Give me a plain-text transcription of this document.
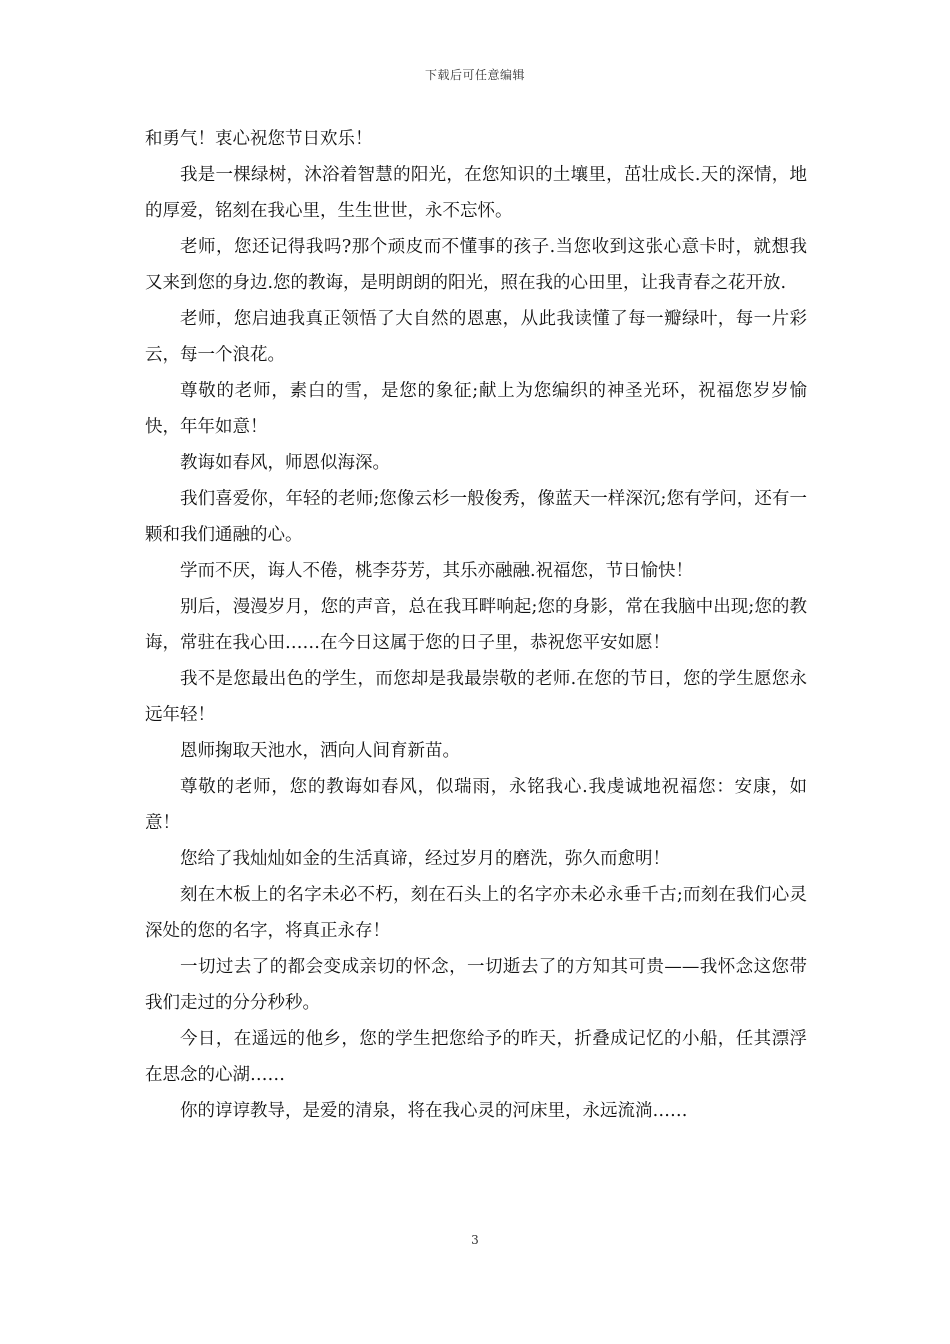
下载后可任意编辑

和勇气！衷心祝您节日欢乐！

我是一棵绿树，沐浴着智慧的阳光，在您知识的土壤里，茁壮成长.天的深情，地的厚爱，铭刻在我心里，生生世世，永不忘怀。

老师，您还记得我吗?那个顽皮而不懂事的孩子.当您收到这张心意卡时，就想我又来到您的身边.您的教诲，是明朗朗的阳光，照在我的心田里，让我青春之花开放.

老师，您启迪我真正领悟了大自然的恩惠，从此我读懂了每一瓣绿叶，每一片彩云，每一个浪花。

尊敬的老师，素白的雪，是您的象征;献上为您编织的神圣光环，祝福您岁岁愉快，年年如意！

教诲如春风，师恩似海深。

我们喜爱你，年轻的老师;您像云杉一般俊秀，像蓝天一样深沉;您有学问，还有一颗和我们通融的心。

学而不厌，诲人不倦，桃李芬芳，其乐亦融融.祝福您，节日愉快！

别后，漫漫岁月，您的声音，总在我耳畔响起;您的身影，常在我脑中出现;您的教诲，常驻在我心田……在今日这属于您的日子里，恭祝您平安如愿！

我不是您最出色的学生，而您却是我最崇敬的老师.在您的节日，您的学生愿您永远年轻！

恩师掬取天池水，洒向人间育新苗。

尊敬的老师，您的教诲如春风，似瑞雨，永铭我心.我虔诚地祝福您：安康，如意！

您给了我灿灿如金的生活真谛，经过岁月的磨洗，弥久而愈明！

刻在木板上的名字未必不朽，刻在石头上的名字亦未必永垂千古;而刻在我们心灵深处的您的名字，将真正永存！

一切过去了的都会变成亲切的怀念，一切逝去了的方知其可贵——我怀念这您带我们走过的分分秒秒。

今日，在遥远的他乡，您的学生把您给予的昨天，折叠成记忆的小船，任其漂浮在思念的心湖……

你的谆谆教导，是爱的清泉，将在我心灵的河床里，永远流淌……

3
